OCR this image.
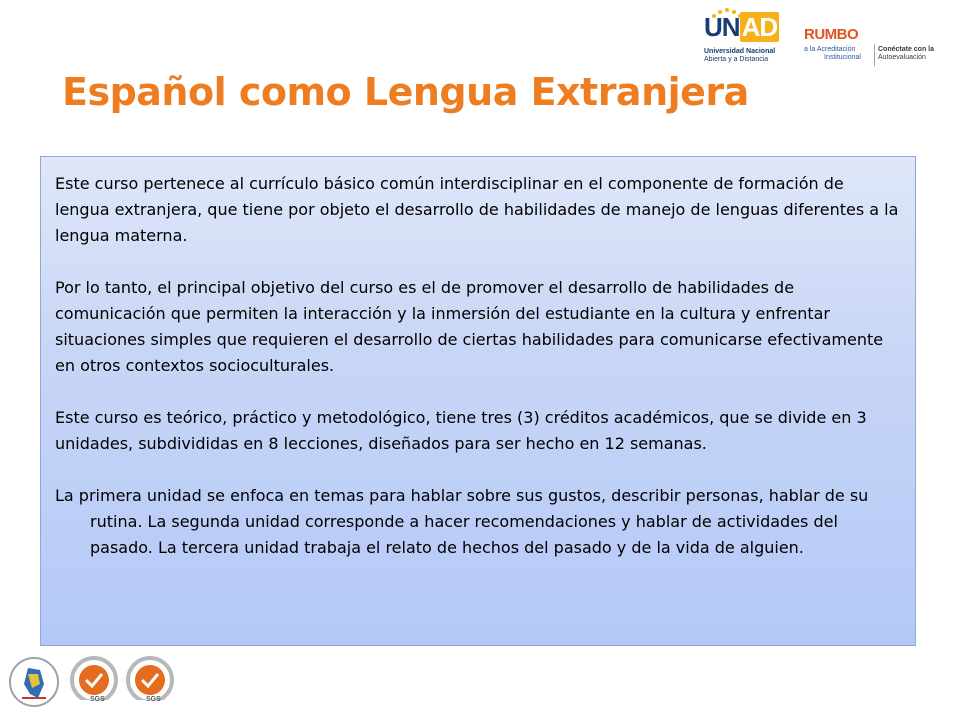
UNAD
Universidad Nacional
Abierta y a Distancia
RUMBO
a la Acreditación
Institucional
Conéctate con la
Autoevaluación
Español como Lengua Extranjera

Este curso pertenece al currículo básico común interdisciplinar en el componente de formación de lengua extranjera, que tiene por objeto el desarrollo de habilidades de manejo de lenguas diferentes a la lengua materna.

Por lo tanto, el principal objetivo del curso es el de promover el desarrollo de habilidades de comunicación que permiten la interacción y la inmersión del estudiante en la cultura y enfrentar situaciones simples que requieren el desarrollo de ciertas habilidades para comunicarse efectivamente en otros contextos socioculturales.

Este curso es teórico, práctico y metodológico, tiene tres (3) créditos académicos, que se divide en 3 unidades, subdivididas en 8 lecciones, diseñados para ser hecho en 12 semanas.

La primera unidad se enfoca en temas para hablar sobre sus gustos, describir personas, hablar de su rutina. La segunda unidad corresponde a hacer recomendaciones y hablar de actividades del pasado. La tercera unidad trabaja el relato de hechos del pasado y de la vida de alguien.

SGS	SGS
